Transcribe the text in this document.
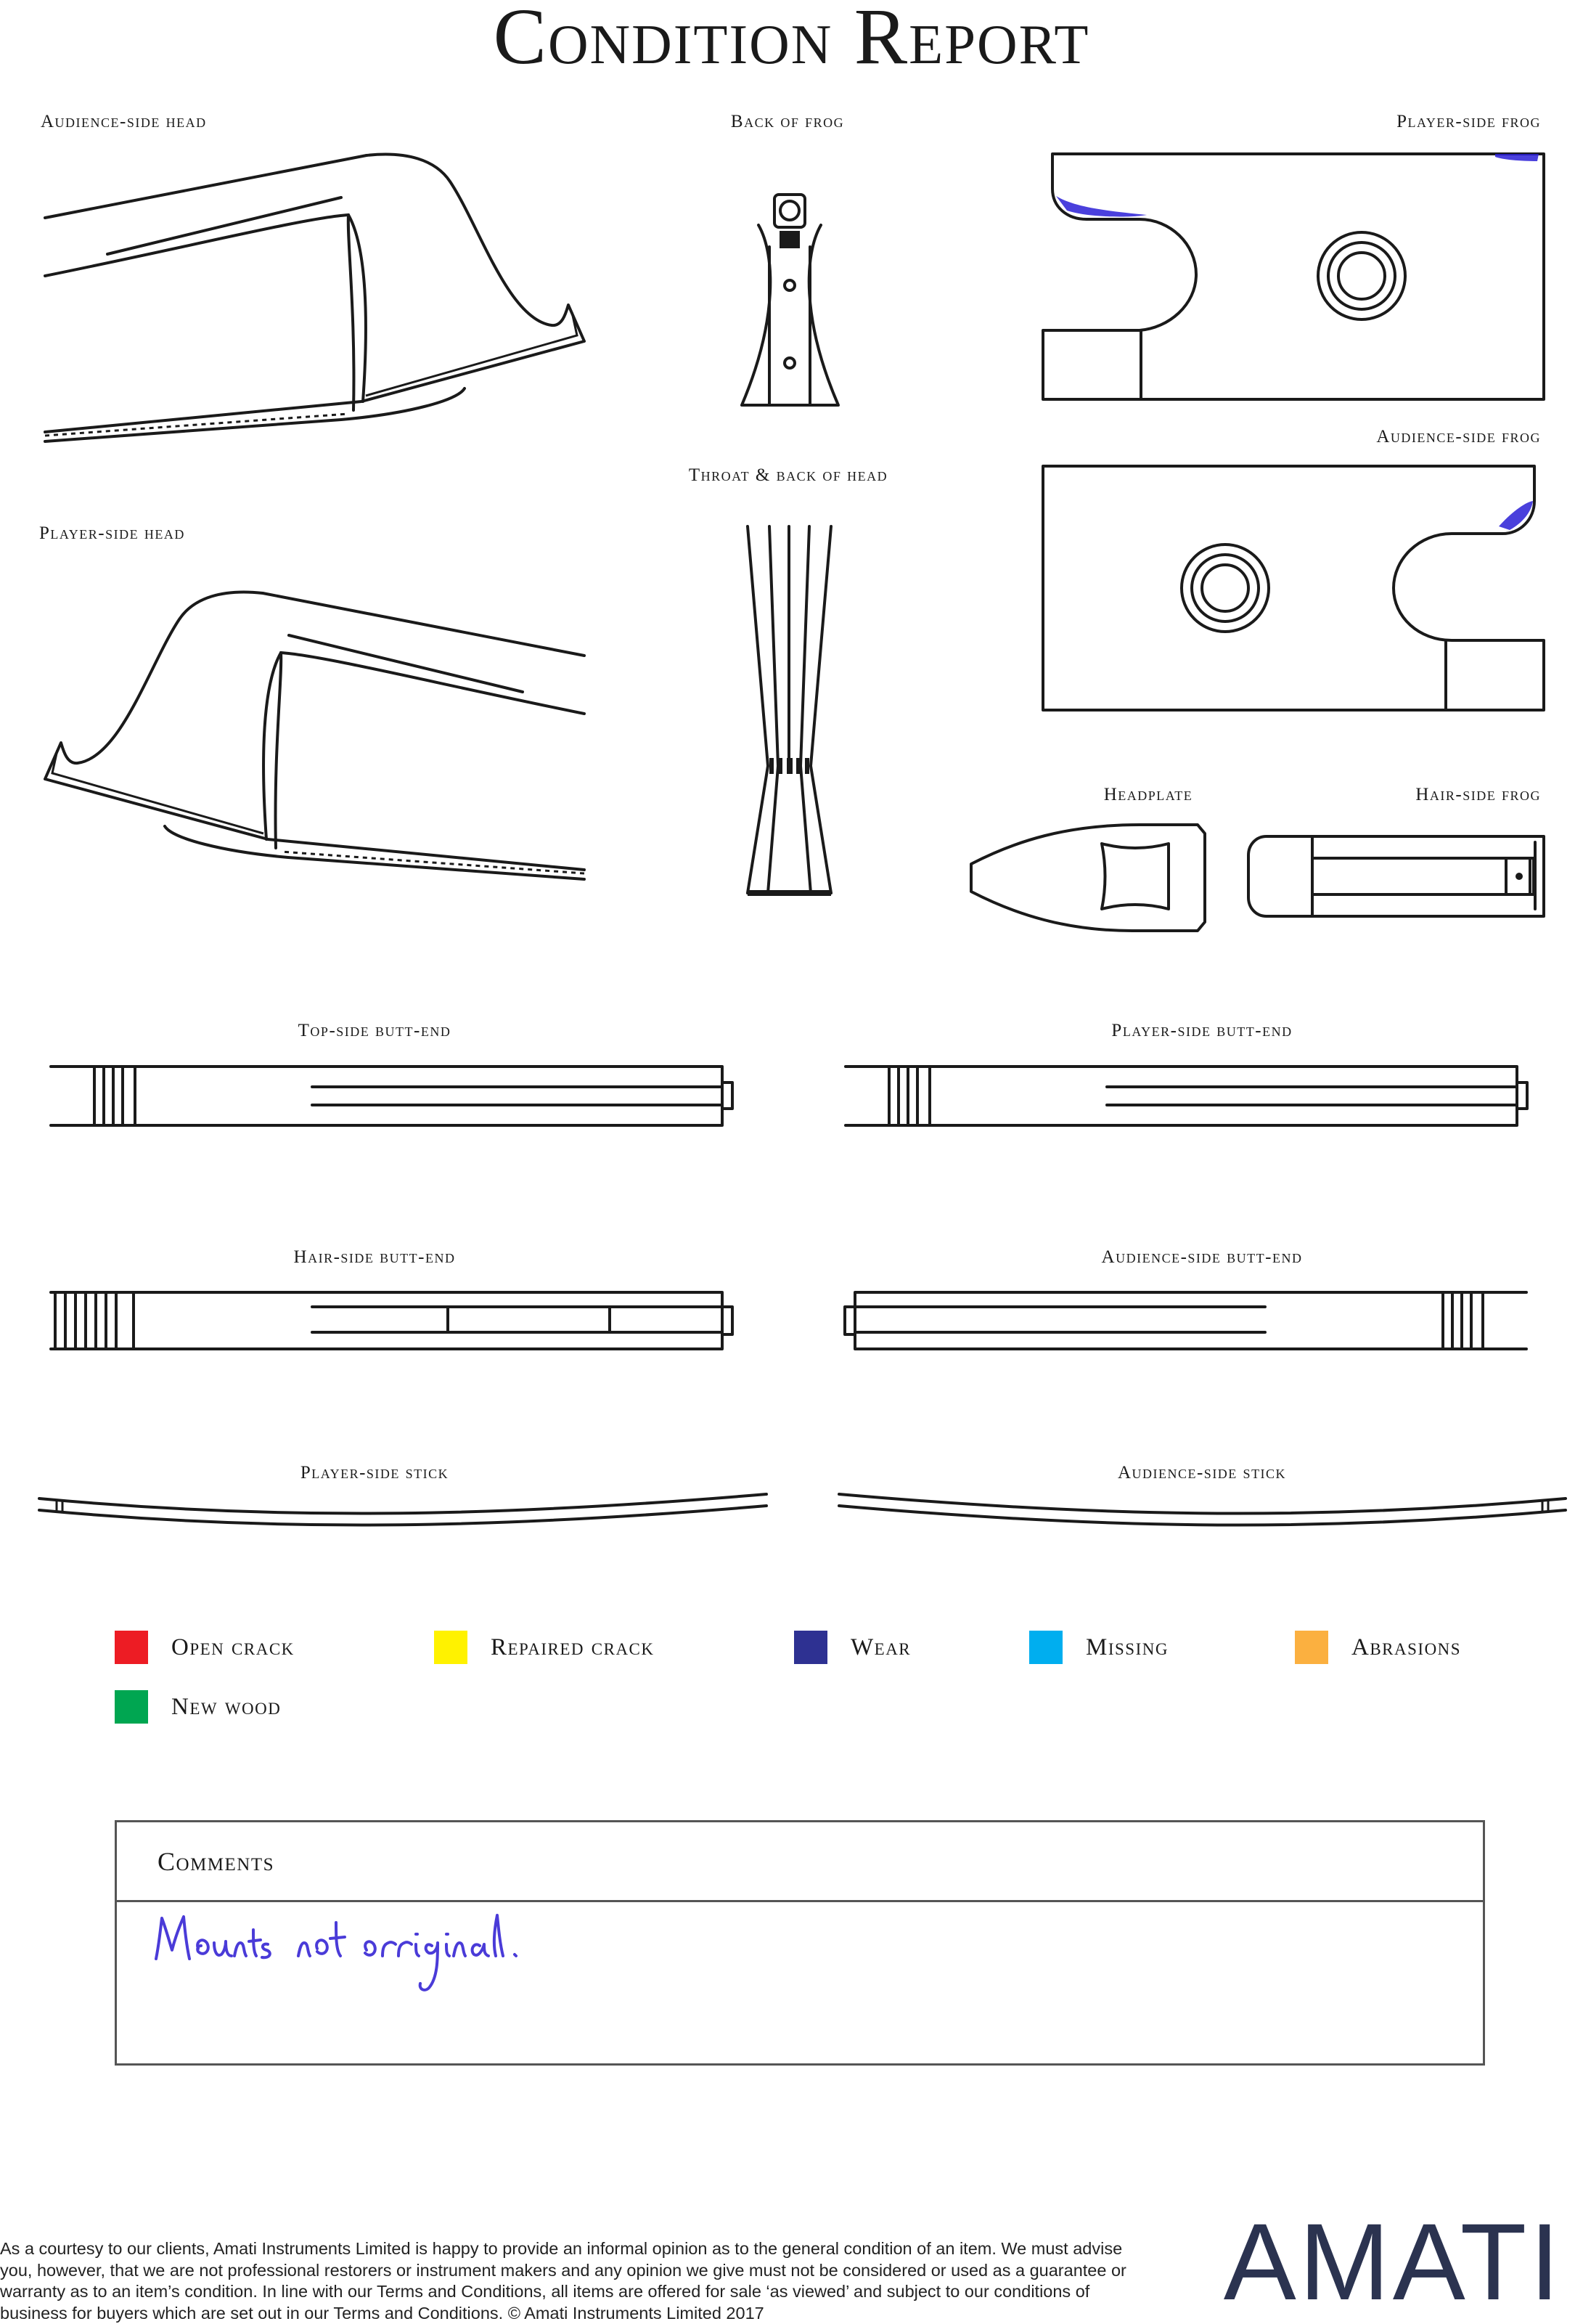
Condition Report
Audience-side head	Back of frog	Player-side frog
Audience-side frog
Throat & back of head
Player-side head
Headplate	Hair-side frog
Top-side butt-end	Player-side butt-end
Hair-side butt-end	Audience-side butt-end
Player-side stick	Audience-side stick
Open crack	Repaired crack	Wear	Missing	Abrasions
New wood
Comments
As a courtesy to our clients, Amati Instruments Limited is happy to provide an informal opinion as to the general condition of an item. We must advise you, however, that we are not professional restorers or instrument makers and any opinion we give must not be considered or used as a guarantee or warranty as to an item’s condition. In line with our Terms and Conditions, all items are offered for sale ‘as viewed’ and subject to our conditions of business for buyers which are set out in our Terms and Conditions. © Amati Instruments Limited 2017	AMATI
